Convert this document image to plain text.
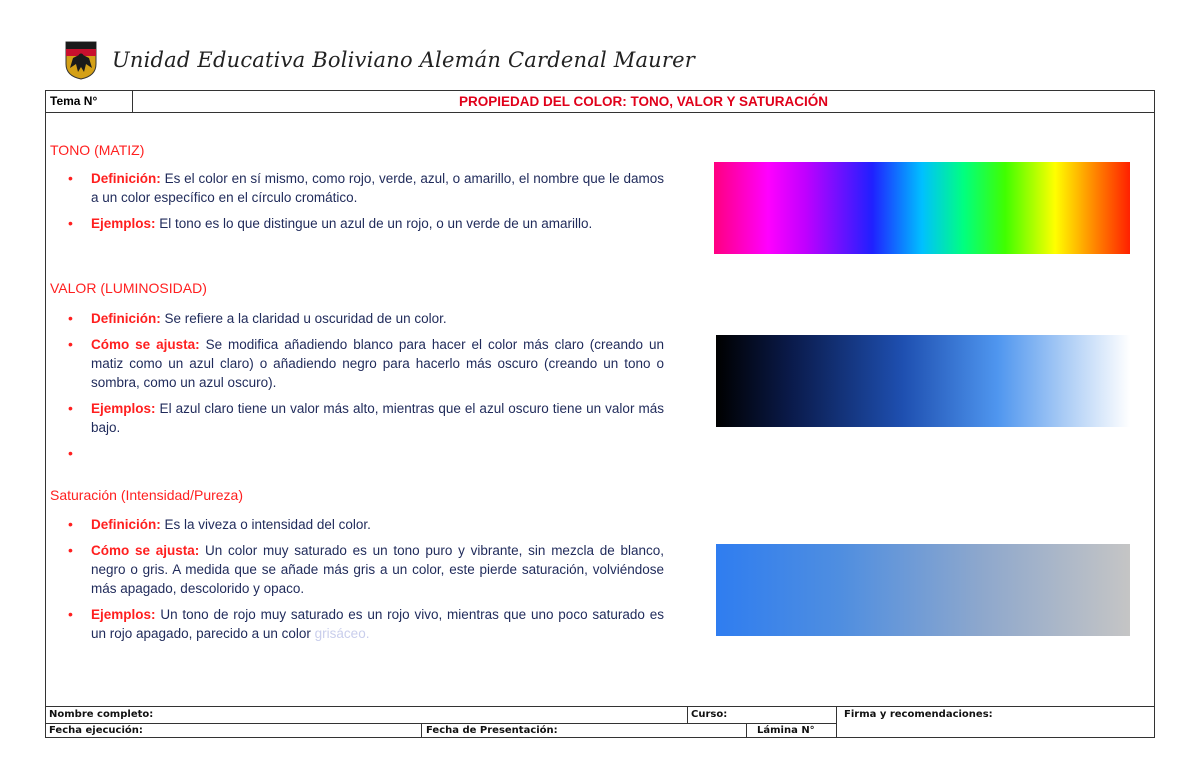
Unidad Educativa Boliviano Alemán Cardenal Maurer
Tema N°	PROPIEDAD DEL COLOR: TONO, VALOR Y SATURACIÓN
TONO (MATIZ)
• Definición: Es el color en sí mismo, como rojo, verde, azul, o amarillo, el nombre que le damos a un color específico en el círculo cromático.
• Ejemplos: El tono es lo que distingue un azul de un rojo, o un verde de un amarillo.
VALOR (LUMINOSIDAD)
• Definición: Se refiere a la claridad u oscuridad de un color.
• Cómo se ajusta: Se modifica añadiendo blanco para hacer el color más claro (creando un matiz como un azul claro) o añadiendo negro para hacerlo más oscuro (creando un tono o sombra, como un azul oscuro).
• Ejemplos: El azul claro tiene un valor más alto, mientras que el azul oscuro tiene un valor más bajo.
•
Saturación (Intensidad/Pureza)
• Definición: Es la viveza o intensidad del color.
• Cómo se ajusta: Un color muy saturado es un tono puro y vibrante, sin mezcla de blanco, negro o gris. A medida que se añade más gris a un color, este pierde saturación, volviéndose más apagado, descolorido y opaco.
• Ejemplos: Un tono de rojo muy saturado es un rojo vivo, mientras que uno poco saturado es un rojo apagado, parecido a un color grisáceo.
Nombre completo:	Curso:	Firma y recomendaciones:
Fecha ejecución:	Fecha de Presentación:	Lámina N°
